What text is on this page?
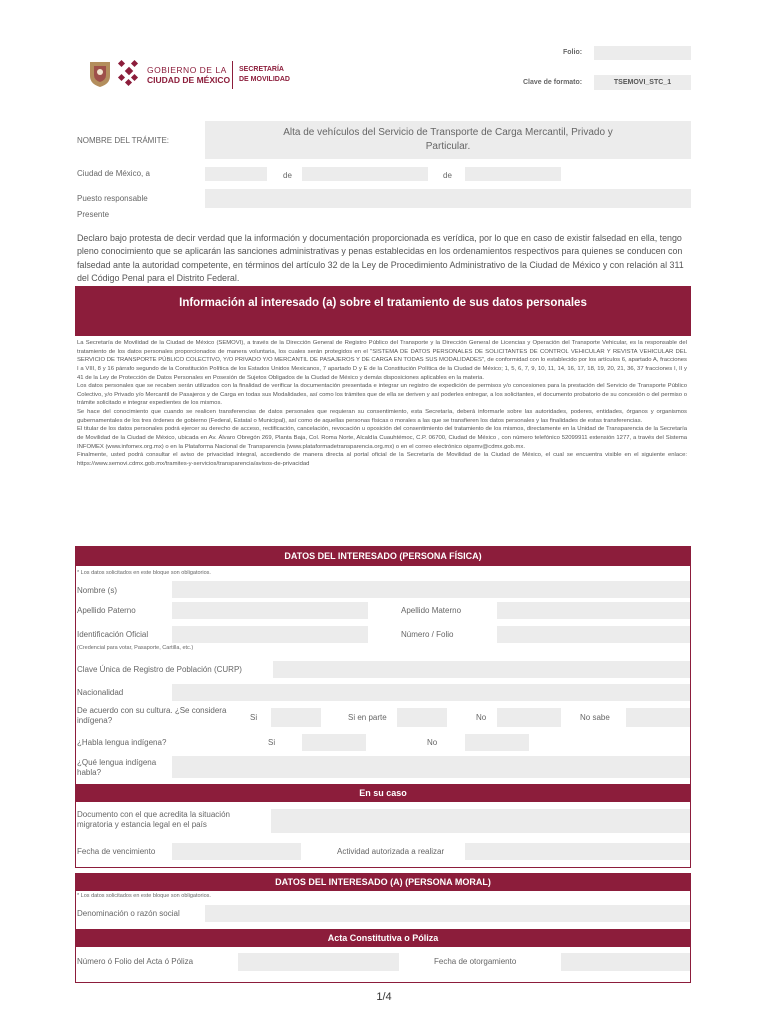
GOBIERNO DE LA
CIUDAD DE MÉXICO
SECRETARÍA
DE MOVILIDAD
Folio:
Clave de formato:	TSEMOVI_STC_1
NOMBRE DEL TRÁMITE:
Alta de vehículos del Servicio de Transporte de Carga Mercantil, Privado y
Particular.
Ciudad de México, a	de	de
Puesto responsable
Presente
Declaro bajo protesta de decir verdad que la información y documentación proporcionada es verídica, por lo que en caso de existir falsedad en ella, tengo pleno conocimiento que se aplicarán las sanciones administrativas y penas establecidas en los ordenamientos respectivos para quienes se conducen con falsedad ante la autoridad competente, en términos del artículo 32 de la Ley de Procedimiento Administrativo de la Ciudad de México y con relación al 311 del Código Penal para el Distrito Federal.
Información al interesado (a) sobre el tratamiento de sus datos personales

La Secretaría de Movilidad de la Ciudad de México (SEMOVI), a través de la Dirección General de Registro Público del Transporte y la Dirección General de Licencias y Operación del Transporte Vehicular, es la responsable del tratamiento de los datos personales proporcionados de manera voluntaria, los cuales serán protegidos en el "SISTEMA DE DATOS PERSONALES DE SOLICITANTES DE CONTROL VEHICULAR Y REVISTA VEHICULAR DEL SERVICIO DE TRANSPORTE PÚBLICO COLECTIVO, Y/O PRIVADO Y/O MERCANTIL DE PASAJEROS Y DE CARGA EN TODAS SUS MODALIDADES", de conformidad con lo establecido por los artículos 6, apartado A, fracciones I a VIII, 8 y 16 párrafo segundo de la Constitución Política de los Estados Unidos Mexicanos, 7 apartado D y E de la Constitución Política de la Ciudad de México; 1, 5, 6, 7, 9, 10, 11, 14, 16, 17, 18, 19, 20, 21, 36, 37 fracciones I, II y 41 de la Ley de Protección de Datos Personales en Posesión de Sujetos Obligados de la Ciudad de México y demás disposiciones aplicables en la materia.

Los datos personales que se recaben serán utilizados con la finalidad de verificar la documentación presentada e integrar un registro de expedición de permisos y/o concesiones para la prestación del Servicio de Transporte Público Colectivo, y/o Privado y/o Mercantil de Pasajeros y de Carga en todas sus Modalidades, así como los trámites que de ella se deriven y así poderles entregar, a los solicitantes, el documento probatorio de su concesión o del permiso o trámite solicitado e integrar expedientes de los mismos.

Se hace del conocimiento que cuando se realicen transferencias de datos personales que requieran su consentimiento, esta Secretaría, deberá informarle sobre las autoridades, poderes, entidades, órganos y organismos gubernamentales de los tres órdenes de gobierno (Federal, Estatal o Municipal), así como de aquellas personas físicas o morales a las que se transfieren los datos personales y las finalidades de estas transferencias.

El titular de los datos personales podrá ejercer su derecho de acceso, rectificación, cancelación, revocación u oposición del consentimiento del tratamiento de los mismos, directamente en la Unidad de Transparencia de la Secretaría de Movilidad de la Ciudad de México, ubicada en Av. Álvaro Obregón 269, Planta Baja, Col. Roma Norte, Alcaldía Cuauhtémoc, C.P. 06700, Ciudad de México , con número telefónico 52099911 extensión 1277, a través del Sistema INFOMEX (www.infomex.org.mx) o en la Plataforma Nacional de Transparencia (www.plataformadetransparencia.org.mx) o en el correo electrónico oipsmv@cdmx.gob.mx.

Finalmente, usted podrá consultar el aviso de privacidad integral, accediendo de manera directa al portal oficial de la Secretaría de Movilidad de la Ciudad de México, el cual se encuentra visible en el siguiente enlace: https://www.semovi.cdmx.gob.mx/tramites-y-servicios/transparencia/avisos-de-privacidad

DATOS DEL INTERESADO (PERSONA FÍSICA)
* Los datos solicitados en este bloque son obligatorios.
Nombre (s)
Apellido Paterno	Apellido Materno
Identificación Oficial	Número / Folio
(Credencial para votar, Pasaporte, Cartilla, etc.)
Clave Única de Registro de Población (CURP)
Nacionalidad
De acuerdo con su cultura. ¿Se considera
indígena?	Si	Si en parte	No	No sabe
¿Habla lengua indígena?	Si	No
¿Qué lengua indígena
habla?
En su caso
Documento con el que acredita la situación
migratoria y estancia legal en el país
Fecha de vencimiento	Actividad autorizada a realizar
DATOS DEL INTERESADO (A) (PERSONA MORAL)
* Los datos solicitados en este bloque son obligatorios.
Denominación o razón social
Acta Constitutiva o Póliza
Número ó Folio del Acta ó Póliza	Fecha de otorgamiento
1/4
